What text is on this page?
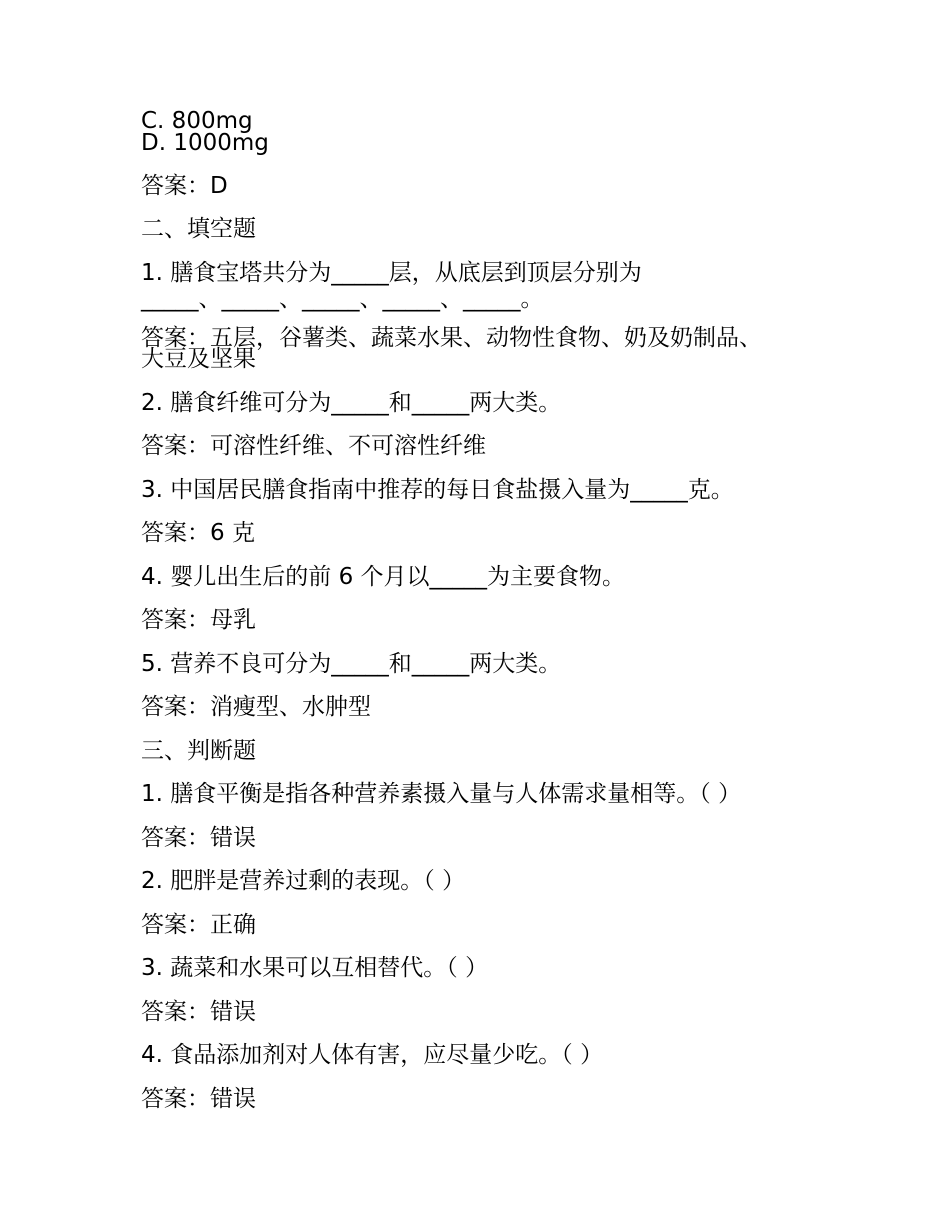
C. 800mg
D. 1000mg
答案：D
二、填空题
1. 膳食宝塔共分为_____层，从底层到顶层分别为
_____、_____、_____、_____、_____。
答案：五层，谷薯类、蔬菜水果、动物性食物、奶及奶制品、
大豆及坚果
2. 膳食纤维可分为_____和_____两大类。
答案：可溶性纤维、不可溶性纤维
3. 中国居民膳食指南中推荐的每日食盐摄入量为_____克。
答案：6 克
4. 婴儿出生后的前 6 个月以_____为主要食物。
答案：母乳
5. 营养不良可分为_____和_____两大类。
答案：消瘦型、水肿型
三、判断题
1. 膳食平衡是指各种营养素摄入量与人体需求量相等。（ ）
答案：错误
2. 肥胖是营养过剩的表现。（ ）
答案：正确
3. 蔬菜和水果可以互相替代。（ ）
答案：错误
4. 食品添加剂对人体有害，应尽量少吃。（ ）
答案：错误
